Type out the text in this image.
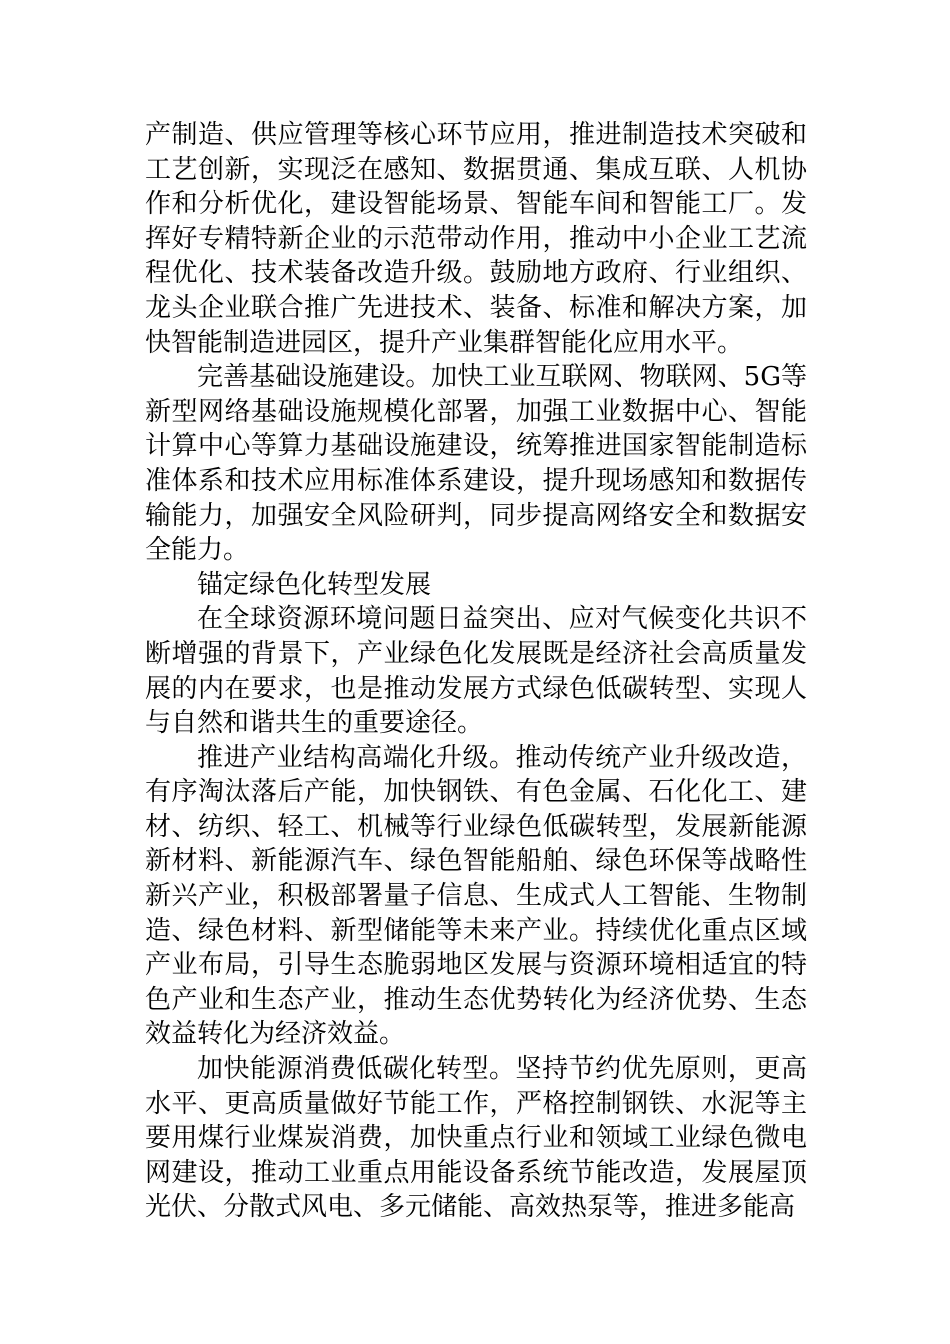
产制造、供应管理等核心环节应用，推进制造技术突破和工艺创新，实现泛在感知、数据贯通、集成互联、人机协作和分析优化，建设智能场景、智能车间和智能工厂。发挥好专精特新企业的示范带动作用，推动中小企业工艺流程优化、技术装备改造升级。鼓励地方政府、行业组织、龙头企业联合推广先进技术、装备、标准和解决方案，加快智能制造进园区，提升产业集群智能化应用水平。

完善基础设施建设。加快工业互联网、物联网、5G等新型网络基础设施规模化部署，加强工业数据中心、智能计算中心等算力基础设施建设，统筹推进国家智能制造标准体系和技术应用标准体系建设，提升现场感知和数据传输能力，加强安全风险研判，同步提高网络安全和数据安全能力。

锚定绿色化转型发展

在全球资源环境问题日益突出、应对气候变化共识不断增强的背景下，产业绿色化发展既是经济社会高质量发展的内在要求，也是推动发展方式绿色低碳转型、实现人与自然和谐共生的重要途径。

推进产业结构高端化升级。推动传统产业升级改造，有序淘汰落后产能，加快钢铁、有色金属、石化化工、建材、纺织、轻工、机械等行业绿色低碳转型，发展新能源新材料、新能源汽车、绿色智能船舶、绿色环保等战略性新兴产业，积极部署量子信息、生成式人工智能、生物制造、绿色材料、新型储能等未来产业。持续优化重点区域产业布局，引导生态脆弱地区发展与资源环境相适宜的特色产业和生态产业，推动生态优势转化为经济优势、生态效益转化为经济效益。

加快能源消费低碳化转型。坚持节约优先原则，更高水平、更高质量做好节能工作，严格控制钢铁、水泥等主要用煤行业煤炭消费，加快重点行业和领域工业绿色微电网建设，推动工业重点用能设备系统节能改造，发展屋顶光伏、分散式风电、多元储能、高效热泵等，推进多能高
